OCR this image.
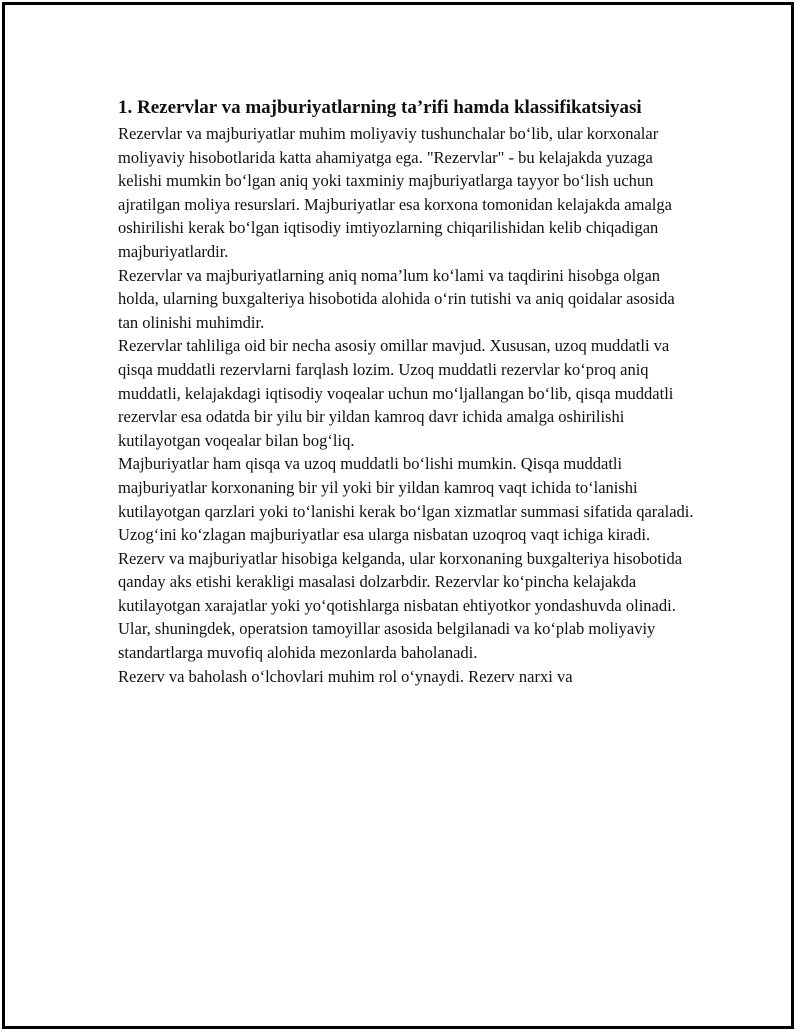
1. Rezervlar va majburiyatlarning ta’rifi hamda klassifikatsiyasi

Rezervlar va majburiyatlar muhim moliyaviy tushunchalar bo‘lib, ular korxonalar moliyaviy hisobotlarida katta ahamiyatga ega. "Rezervlar" - bu kelajakda yuzaga kelishi mumkin bo‘lgan aniq yoki taxminiy majburiyatlarga tayyor bo‘lish uchun ajratilgan moliya resurslari. Majburiyatlar esa korxona tomonidan kelajakda amalga oshirilishi kerak bo‘lgan iqtisodiy imtiyozlarning chiqarilishidan kelib chiqadigan majburiyatlardir.

Rezervlar va majburiyatlarning aniq noma’lum ko‘lami va taqdirini hisobga olgan holda, ularning buxgalteriya hisobotida alohida o‘rin tutishi va aniq qoidalar asosida tan olinishi muhimdir.

Rezervlar tahliliga oid bir necha asosiy omillar mavjud. Xususan, uzoq muddatli va qisqa muddatli rezervlarni farqlash lozim. Uzoq muddatli rezervlar ko‘proq aniq muddatli, kelajakdagi iqtisodiy voqealar uchun mo‘ljallangan bo‘lib, qisqa muddatli rezervlar esa odatda bir yilu bir yildan kamroq davr ichida amalga oshirilishi kutilayotgan voqealar bilan bog‘liq.

Majburiyatlar ham qisqa va uzoq muddatli bo‘lishi mumkin. Qisqa muddatli majburiyatlar korxonaning bir yil yoki bir yildan kamroq vaqt ichida to‘lanishi kutilayotgan qarzlari yoki to‘lanishi kerak bo‘lgan xizmatlar summasi sifatida qaraladi. Uzog‘ini ko‘zlagan majburiyatlar esa ularga nisbatan uzoqroq vaqt ichiga kiradi.

Rezerv va majburiyatlar hisobiga kelganda, ular korxonaning buxgalteriya hisobotida qanday aks etishi kerakligi masalasi dolzarbdir. Rezervlar ko‘pincha kelajakda kutilayotgan xarajatlar yoki yo‘qotishlarga nisbatan ehtiyotkor yondashuvda olinadi. Ular, shuningdek, operatsion tamoyillar asosida belgilanadi va ko‘plab moliyaviy standartlarga muvofiq alohida mezonlarda baholanadi.

Rezerv va baholash o‘lchovlari muhim rol o‘ynaydi. Rezerv narxi va
